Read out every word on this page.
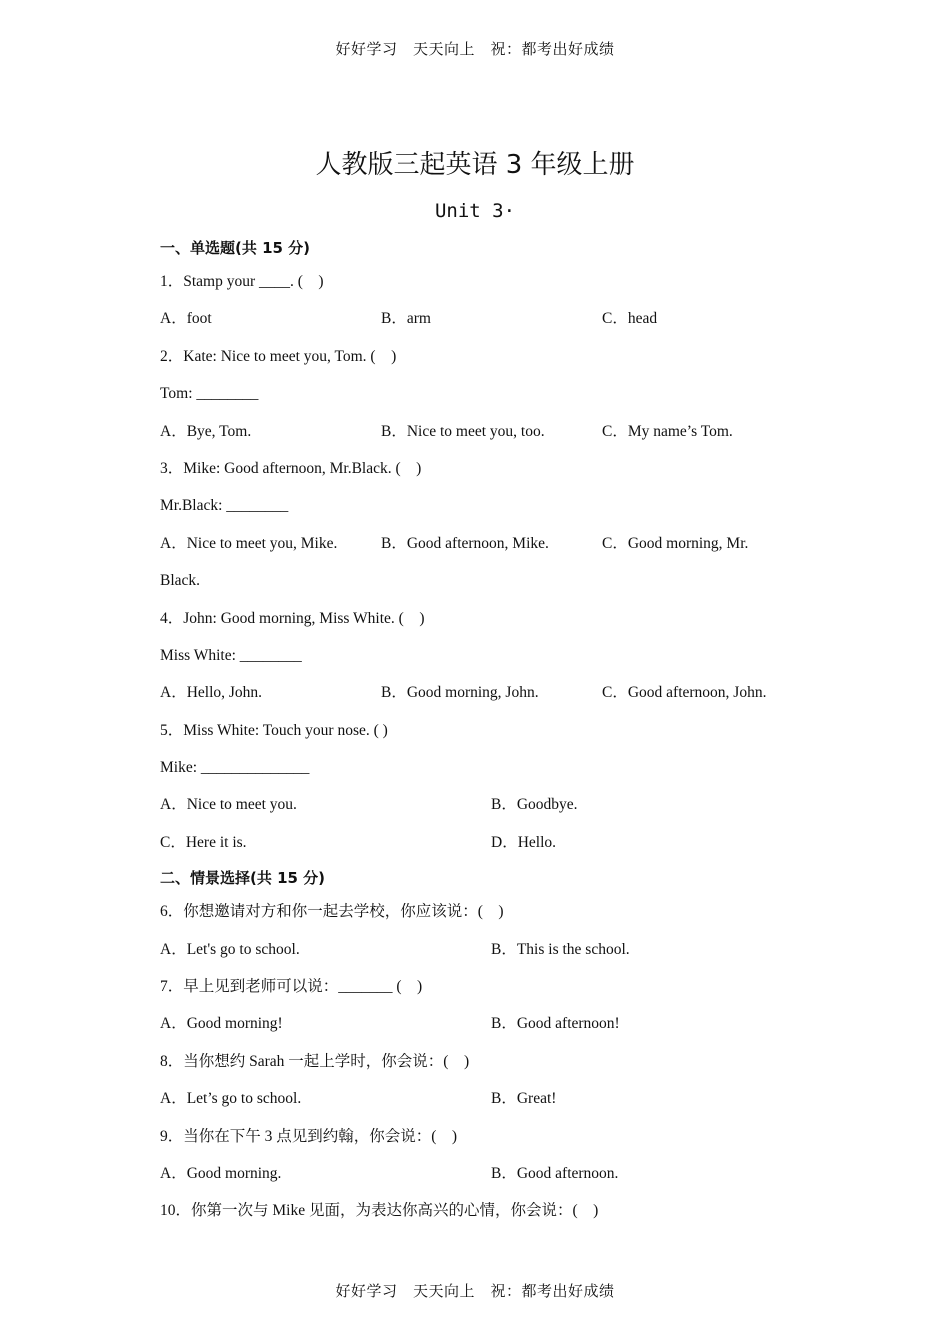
好好学习　天天向上　祝：都考出好成绩
人教版三起英语 3 年级上册
Unit 3·
一、单选题(共 15 分)
1．Stamp your ____. (　)
A．foot	B．arm	C．head
2．Kate: Nice to meet you, Tom. (　)
Tom: ________
A．Bye, Tom.	B．Nice to meet you, too.	C．My name’s Tom.
3．Mike: Good afternoon, Mr.Black. (　)
Mr.Black: ________
A．Nice to meet you, Mike.	B．Good afternoon, Mike.	C．Good morning, Mr.
Black.
4．John: Good morning, Miss White. (　)
Miss White: ________
A．Hello, John.	B．Good morning, John.	C．Good afternoon, John.
5．Miss White: Touch your nose. ( )
Mike: ______________
A．Nice to meet you.	B．Goodbye.
C．Here it is.	D．Hello.
二、情景选择(共 15 分)
6．你想邀请对方和你一起去学校，你应该说：(　)
A．Let's go to school.	B．This is the school.
7．早上见到老师可以说：_______ (　)
A．Good morning!	B．Good afternoon!
8．当你想约 Sarah 一起上学时，你会说：(　)
A．Let’s go to school.	B．Great!
9．当你在下午 3 点见到约翰，你会说：(　)
A．Good morning.	B．Good afternoon.
10．你第一次与 Mike 见面，为表达你高兴的心情，你会说：(　)
好好学习　天天向上　祝：都考出好成绩
